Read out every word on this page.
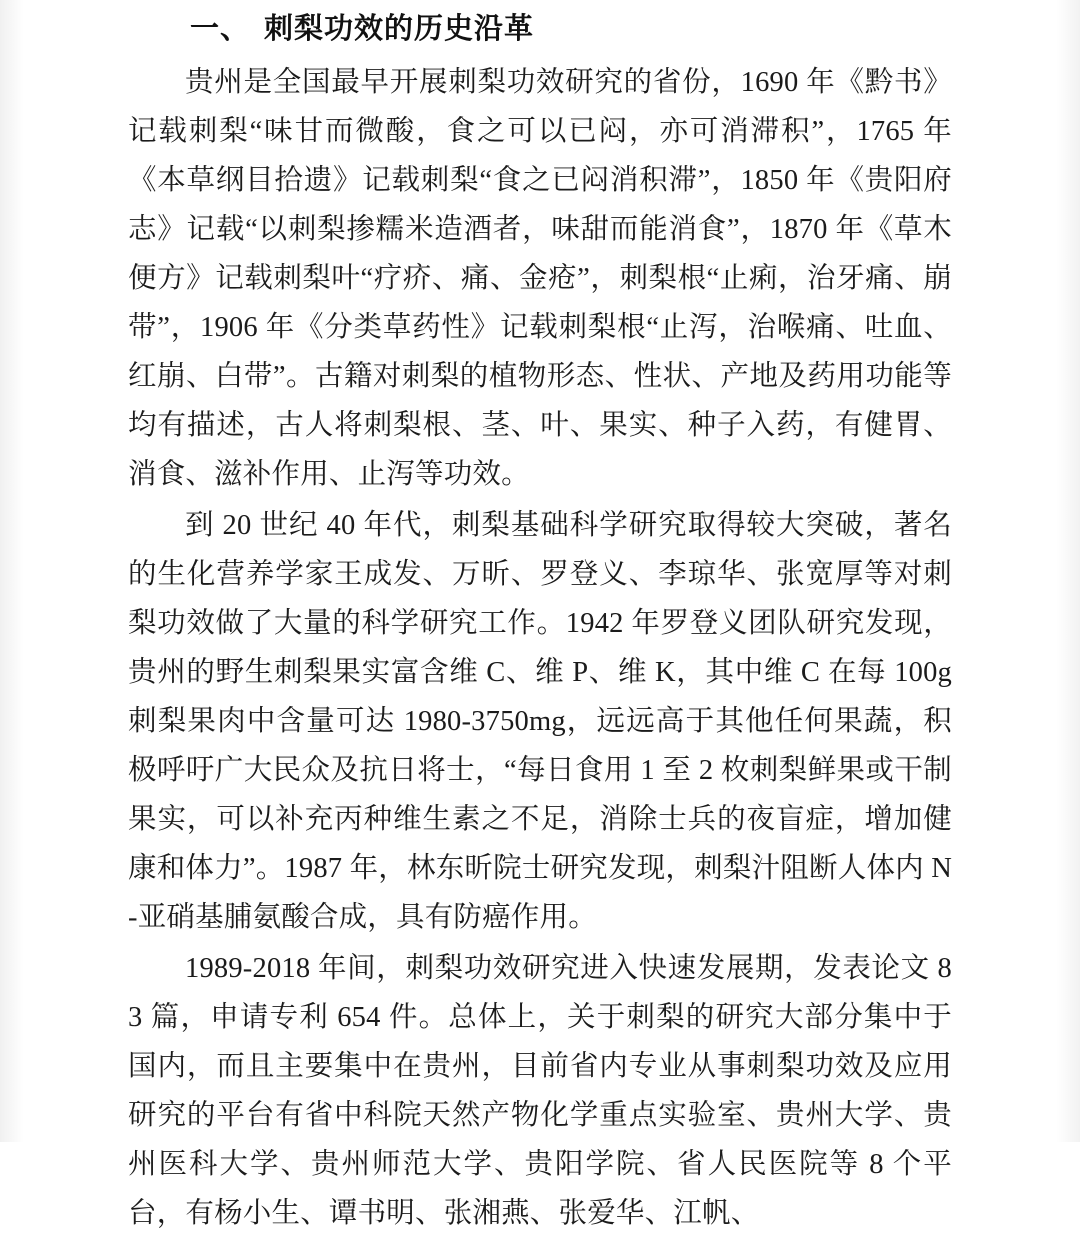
一、 刺梨功效的历史沿革

贵州是全国最早开展刺梨功效研究的省份，1690 年《黔书》记载刺梨“味甘而微酸，食之可以已闷，亦可消滞积”，1765 年《本草纲目拾遗》记载刺梨“食之已闷消积滞”，1850 年《贵阳府志》记载“以刺梨掺糯米造酒者，味甜而能消食”，1870 年《草木便方》记载刺梨叶“疗疥、痛、金疮”，刺梨根“止痢，治牙痛、崩带”，1906 年《分类草药性》记载刺梨根“止泻，治喉痛、吐血、红崩、白带”。古籍对刺梨的植物形态、性状、产地及药用功能等均有描述，古人将刺梨根、茎、叶、果实、种子入药，有健胃、消食、滋补作用、止泻等功效。

到 20 世纪 40 年代，刺梨基础科学研究取得较大突破，著名的生化营养学家王成发、万昕、罗登义、李琼华、张宽厚等对刺梨功效做了大量的科学研究工作。1942 年罗登义团队研究发现，贵州的野生刺梨果实富含维 C、维 P、维 K，其中维 C 在每 100g 刺梨果肉中含量可达 1980-3750mg，远远高于其他任何果蔬，积极呼吁广大民众及抗日将士，“每日食用 1 至 2 枚刺梨鲜果或干制果实，可以补充丙种维生素之不足，消除士兵的夜盲症，增加健康和体力”。1987 年，林东昕院士研究发现，刺梨汁阻断人体内 N-亚硝基脯氨酸合成，具有防癌作用。

1989-2018 年间，刺梨功效研究进入快速发展期，发表论文 83 篇，申请专利 654 件。总体上，关于刺梨的研究大部分集中于国内，而且主要集中在贵州，目前省内专业从事刺梨功效及应用研究的平台有省中科院天然产物化学重点实验室、贵州大学、贵州医科大学、贵州师范大学、贵阳学院、省人民医院等 8 个平台，有杨小生、谭书明、张湘燕、张爱华、江帆、
